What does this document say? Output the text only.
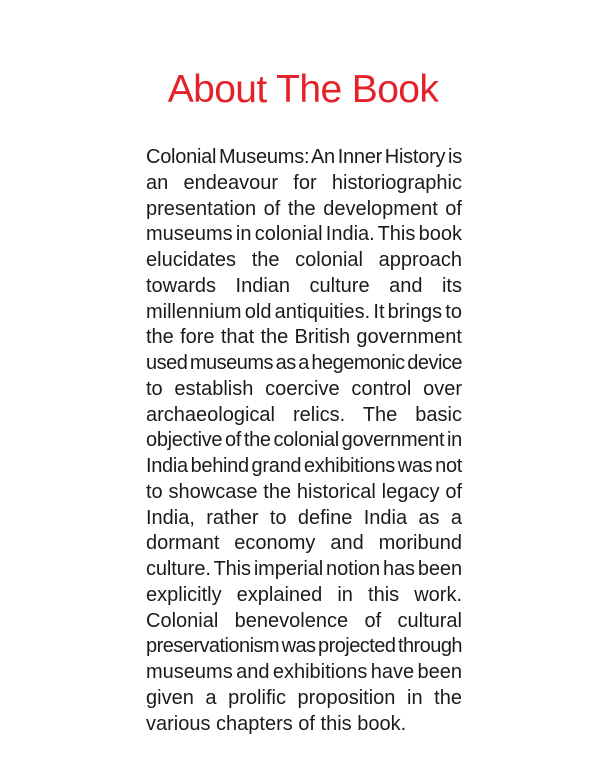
About The Book
Colonial Museums: An Inner History is
an endeavour for historiographic
presentation of the development of
museums in colonial India. This book
elucidates the colonial approach
towards Indian culture and its
millennium old antiquities. It brings to
the fore that the British government
used museums as a hegemonic device
to establish coercive control over
archaeological relics. The basic
objective of the colonial government in
India behind grand exhibitions was not
to showcase the historical legacy of
India, rather to define India as a
dormant economy and moribund
culture. This imperial notion has been
explicitly explained in this work.
Colonial benevolence of cultural
preservationism was projected through
museums and exhibitions have been
given a prolific proposition in the
various chapters of this book.
